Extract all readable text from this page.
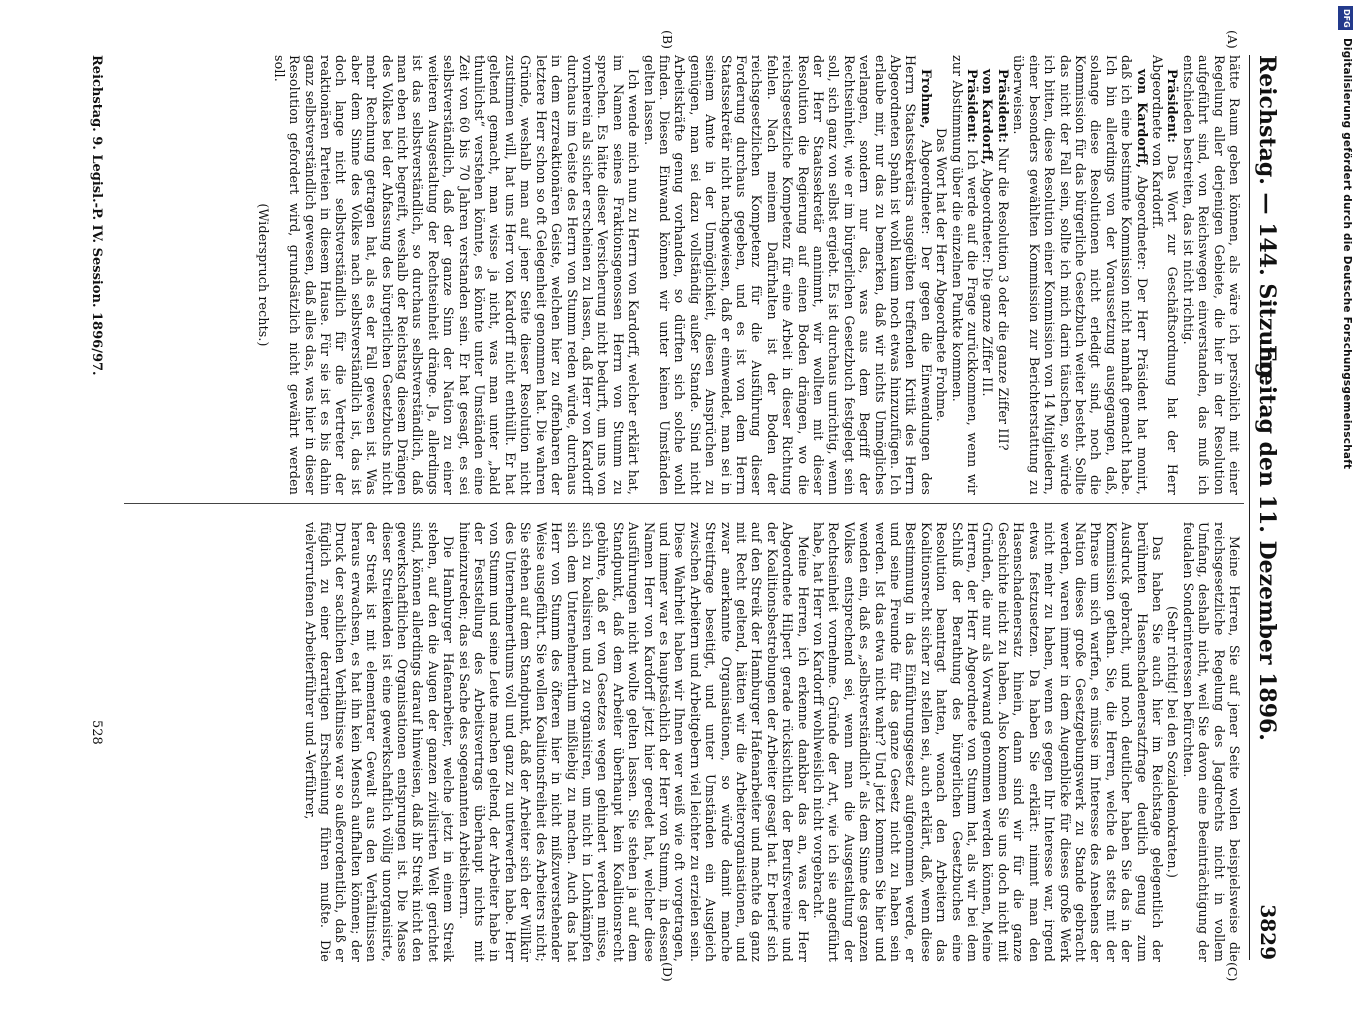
Reichstag. — 144. Sitzung.
Freitag den 11. Dezember 1896.
3829
(A)
(B)
(C)
(D)

hätte Raum geben können, als wäre ich persönlich mit einer Regelung aller derjenigen Gebiete, die hier in der Resolution aufgeführt sind, von Reichswegen einverstanden, das muß ich entschieden bestreiten, das ist nicht richtig.

Präsident: Das Wort zur Geschäftsordnung hat der Herr Abgeordnete von Kardorff.

von Kardorff, Abgeordneter: Der Herr Präsident hat monirt, daß ich eine bestimmte Kommission nicht namhaft gemacht habe. Ich bin allerdings von der Voraussetzung ausgegangen, daß, solange diese Resolutionen nicht erledigt sind, noch die Kommission für das bürgerliche Gesetzbuch weiter besteht. Sollte das nicht der Fall sein, sollte ich mich darin täuschen, so würde ich bitten, diese Resolution einer Kommission von 14 Mitgliedern, einer besonders gewählten Kommission zur Berichterstattung zu überweisen.

Präsident: Nur die Resolution 3 oder die ganze Ziffer III?

von Kardorff, Abgeordneter: Die ganze Ziffer III.

Präsident: Ich werde auf die Frage zurückkommen, wenn wir zur Abstimmung über die einzelnen Punkte kommen.

Das Wort hat der Herr Abgeordnete Frohme.

Frohme, Abgeordneter: Der gegen die Einwendungen des Herrn Staatssekretärs ausgeübten treffenden Kritik des Herrn Abgeordneten Spahn ist wohl kaum noch etwas hinzuzufügen. Ich erlaube mir, nur das zu bemerken, daß wir nichts Unmögliches verlangen, sondern nur das, was aus dem Begriff der Rechtseinheit, wie er im bürgerlichen Gesetzbuch festgelegt sein soll, sich ganz von selbst ergiebt. Es ist durchaus unrichtig, wenn der Herr Staatssekretär annimmt, wir wollten mit dieser Resolution die Regierung auf einen Boden drängen, wo die reichsgesetzliche Kompetenz für eine Arbeit in dieser Richtung fehlen. Nach meinem Dafürhalten ist der Boden der reichsgesetzlichen Kompetenz für die Ausführung dieser Forderung durchaus gegeben, und es ist von dem Herrn Staatssekretär nicht nachgewiesen, daß er einwendet, man sei in seinem Amte in der Unmöglichkeit, diesen Ansprüchen zu genügen, man sei dazu vollständig außer Stande. Sind nicht Arbeitskräfte genug vorhanden, so dürften sich solche wohl finden. Diesen Einwand können wir unter keinen Umständen gelten lassen.

Ich wende mich nun zu Herrn von Kardorff, welcher erklärt hat, im Namen seines Fraktionsgenossen Herrn von Stumm zu sprechen. Es hätte dieser Versicherung nicht bedurft, um uns von vornherein als sicher erscheinen zu lassen, daß Herr von Kardorff durchaus im Geiste des Herrn von Stumm reden würde, durchaus in dem erzreaktionären Geiste, welchen hier zu offenbaren der letztere Herr schon so oft Gelegenheit genommen hat. Die wahren Gründe, weshalb man auf jener Seite dieser Resolution nicht zustimmen will, hat uns Herr von Kardorff nicht enthüllt. Er hat geltend gemacht, man wisse ja nicht, was man unter „bald thunlichst“ verstehen könnte, es könnte unter Umständen eine Zeit von 60 bis 70 Jahren verstanden sein. Er hat gesagt, es sei selbstverständlich, daß der ganze Sinn der Nation zu einer weiteren Ausgestaltung der Rechtseinheit dränge. Ja, allerdings ist das selbstverständlich, so durchaus selbstverständlich, daß man eben nicht begreift, weshalb der Reichstag diesem Drängen des Volkes bei der Abfassung des bürgerlichen Gesetzbuchs nicht mehr Rechnung getragen hat, als es der Fall gewesen ist. Was aber dem Sinne des Volkes nach selbstverständlich ist, das ist doch lange nicht selbstverständlich für die Vertreter der reaktionären Parteien in diesem Hause. Für sie ist es bis dahin ganz selbstverständlich gewesen, daß alles das, was hier in dieser Resolution gefordert wird, grundsätzlich nicht gewährt werden soll.

(Widerspruch rechts.)

Meine Herren, Sie auf jener Seite wollen beispielsweise die reichsgesetzliche Regelung des Jagdrechts nicht in vollem Umfang, deshalb nicht, weil Sie davon eine Beeinträchtigung der feudalen Sonderinteressen befürchten.

(Sehr richtig! bei den Sozialdemokraten.)

Das haben Sie auch hier im Reichstage gelegentlich der berühmten Hasenschadenersatzfrage deutlich genug zum Ausdruck gebracht, und noch deutlicher haben Sie das in der Kommission gethan. Sie, die Herren, welche da stets mit der Phrase um sich warfen, es müsse im Interesse des Ansehens der Nation dieses große Gesetzgebungswerk zu Stande gebracht werden, waren immer in dem Augenblicke für dieses große Werk nicht mehr zu haben, wenn es gegen Ihr Interesse war, irgend etwas festzusetzen. Da haben Sie erklärt: nimmt man den Hasenschadenersatz hinein, dann sind wir für die ganze Geschichte nicht zu haben. Also kommen Sie uns doch nicht mit Gründen, die nur als Vorwand genommen werden können, Meine Herren, der Herr Abgeordnete von Stumm hat, als wir bei dem Schluß der Berathung des bürgerlichen Gesetzbuches eine Resolution beantragt hatten, wonach den Arbeitern das Koalitionsrecht sicher zu stellen sei, auch erklärt, daß, wenn diese Bestimmung in das Einführungsgesetz aufgenommen werde, er und seine Freunde für das ganze Gesetz nicht zu haben sein werden. Ist das etwa nicht wahr? Und jetzt kommen Sie hier und wenden ein, daß es „selbstverständlich“ als dem Sinne des ganzen Volkes entsprechend sei, wenn man die Ausgestaltung der Rechtseinheit vornehme. Gründe der Art, wie ich sie angeführt habe, hat Herr von Kardorff wohlweislich nicht vorgebracht.

Meine Herren, ich erkenne dankbar das an, was der Herr Abgeordnete Hilpert gerade rücksichtlich der Berufsvereine und der Koalitionsbestrebungen der Arbeiter gesagt hat. Er berief sich auf den Streik der Hamburger Hafenarbeiter und machte da ganz mit Recht geltend, hätten wir die Arbeiterorganisationen, und zwar anerkannte Organisationen, so würde damit manche Streitfrage beseitigt, und unter Umständen ein Ausgleich zwischen Arbeitern und Arbeitgebern viel leichter zu erzielen sein. Diese Wahrheit haben wir Ihnen wer weiß wie oft vorgetragen, und immer war es hauptsächlich der Herr von Stumm, in dessen Namen Herr von Kardorff jetzt hier geredet hat, welcher diese Ausführungen nicht wollte gelten lassen. Sie stehen ja auf dem Standpunkt, daß dem Arbeiter überhaupt kein Koalitionsrecht gebühre, daß er von Gesetzes wegen gehindert werden müsse, sich zu koalisiren und zu organisiren, um nicht in Lohnkämpfen sich dem Unternehmerthum mißliebig zu machen. Auch das hat Herr von Stumm des öfteren hier in nicht mißzuverstehender Weise ausgeführt. Sie wollen Koalitionsfreiheit des Arbeiters nicht; Sie stehen auf dem Standpunkt, daß der Arbeiter sich der Willkür des Unternehmerthums voll und ganz zu unterwerfen habe. Herr von Stumm und seine Leute machen geltend, der Arbeiter habe in der Feststellung des Arbeitsvertrags überhaupt nichts mit hineinzureden; das sei Sache des sogenannten Arbeitsherrn.

Die Hamburger Hafenarbeiter, welche jetzt in einem Streik stehen, auf den die Augen der ganzen zivilisirten Welt gerichtet sind, können allerdings darauf hinweisen, daß ihr Streik nicht den gewerkschaftlichen Organisationen entsprungen ist. Die Masse dieser Streikenden ist eine gewerkschaftlich völlig unorganisirte, der Streik ist mit elementarer Gewalt aus den Verhältnissen heraus erwachsen, es hat ihn kein Mensch aufhalten können; der Druck der sachlichen Verhältnisse war so außerordentlich, daß er füglich zu einer derartigen Erscheinung führen mußte. Die vielverrufenen Arbeiterführer und -Verführer,

Reichstag. 9. Legisl.-P. IV. Session. 1896/97.
528
DFG
Digitalisierung gefördert durch die Deutsche Forschungsgemeinschaft
